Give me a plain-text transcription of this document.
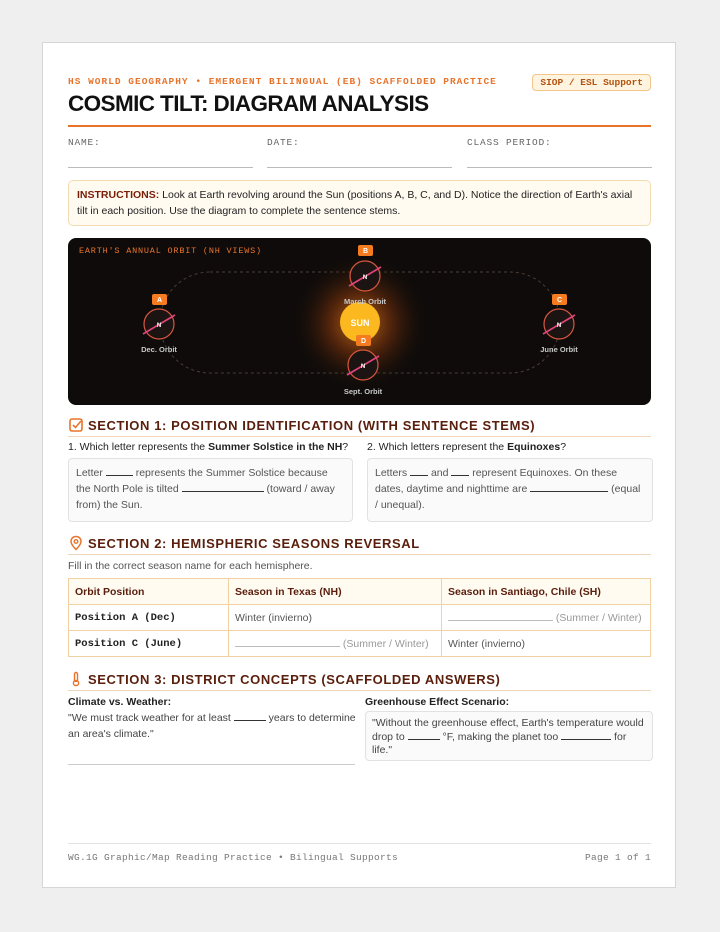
HS WORLD GEOGRAPHY • EMERGENT BILINGUAL (EB) SCAFFOLDED PRACTICE	SIOP / ESL Support
COSMIC TILT: DIAGRAM ANALYSIS
NAME:	DATE:	CLASS PERIOD:
INSTRUCTIONS: Look at Earth revolving around the Sun (positions A, B, C, and D). Notice the direction of Earth's axial tilt in each position. Use the diagram to complete the sentence stems.
EARTH'S ANNUAL ORBIT (NH VIEWS)
SUN
A
N
Dec. Orbit
B
N
March Orbit	C
N
June Orbit
D
N
Sept. Orbit
SECTION 1: POSITION IDENTIFICATION (WITH SENTENCE STEMS)
1. Which letter represents the Summer Solstice in the NH?
Letter	represents the Summer Solstice because the North Pole is tilted	(toward / away from) the Sun.
2. Which letters represent the Equinoxes?
Letters  and  represent Equinoxes. On these dates, daytime and nighttime are	(equal / unequal).
SECTION 2: HEMISPHERIC SEASONS REVERSAL
Fill in the correct season name for each hemisphere.
Orbit Position	Season in Texas (NH)	Season in Santiago, Chile (SH)
Position A (Dec)	Winter (invierno)	(Summer / Winter)
Position C (June)	(Summer / Winter)	Winter (invierno)
SECTION 3: DISTRICT CONCEPTS (SCAFFOLDED ANSWERS)
Climate vs. Weather:
"We must track weather for at least	years to determine an area's climate."
Greenhouse Effect Scenario:
"Without the greenhouse effect, Earth's temperature would drop to	°F, making the planet too	for life."
WG.1G Graphic/Map Reading Practice • Bilingual Supports	Page 1 of 1
